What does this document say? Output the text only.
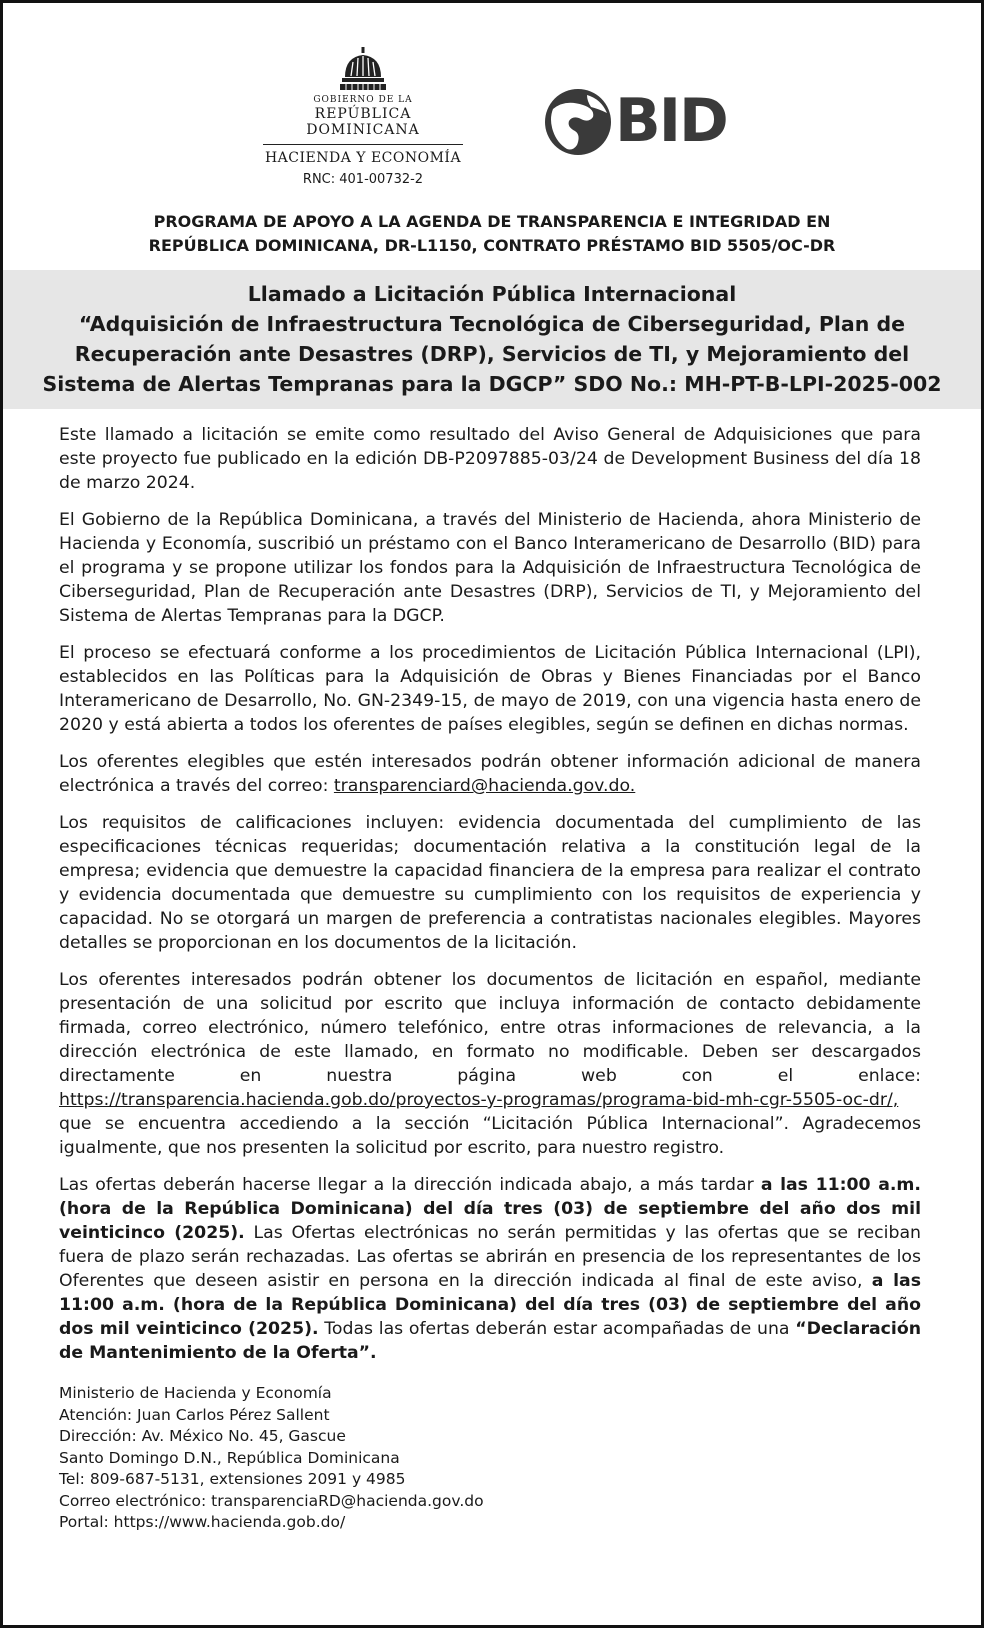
GOBIERNO DE LA
REPÚBLICA DOMINICANA
HACIENDA Y ECONOMÍA
RNC: 401-00732-2
BID
PROGRAMA DE APOYO A LA AGENDA DE TRANSPARENCIA E INTEGRIDAD EN
REPÚBLICA DOMINICANA, DR-L1150, CONTRATO PRÉSTAMO BID 5505/OC-DR
Llamado a Licitación Pública Internacional
“Adquisición de Infraestructura Tecnológica de Ciberseguridad, Plan de
Recuperación ante Desastres (DRP), Servicios de TI, y Mejoramiento del
Sistema de Alertas Tempranas para la DGCP” SDO No.: MH-PT-B-LPI-2025-002

Este llamado a licitación se emite como resultado del Aviso General de Adquisiciones que para este proyecto fue publicado en la edición DB-P2097885-03/24 de Development Business del día 18 de marzo 2024.

El Gobierno de la República Dominicana, a través del Ministerio de Hacienda, ahora Ministerio de Hacienda y Economía, suscribió un préstamo con el Banco Interamericano de Desarrollo (BID) para el programa y se propone utilizar los fondos para la Adquisición de Infraestructura Tecnológica de Ciberseguridad, Plan de Recuperación ante Desastres (DRP), Servicios de TI, y Mejoramiento del Sistema de Alertas Tempranas para la DGCP.

El proceso se efectuará conforme a los procedimientos de Licitación Pública Internacional (LPI), establecidos en las Políticas para la Adquisición de Obras y Bienes Financiadas por el Banco Interamericano de Desarrollo, No. GN-2349-15, de mayo de 2019, con una vigencia hasta enero de 2020 y está abierta a todos los oferentes de países elegibles, según se definen en dichas normas.

Los oferentes elegibles que estén interesados podrán obtener información adicional de manera electrónica a través del correo: transparenciard@hacienda.gov.do.

Los requisitos de calificaciones incluyen: evidencia documentada del cumplimiento de las especificaciones técnicas requeridas; documentación relativa a la constitución legal de la empresa; evidencia que demuestre la capacidad financiera de la empresa para realizar el contrato y evidencia documentada que demuestre su cumplimiento con los requisitos de experiencia y capacidad. No se otorgará un margen de preferencia a contratistas nacionales elegibles. Mayores detalles se proporcionan en los documentos de la licitación.

Los oferentes interesados podrán obtener los documentos de licitación en español, mediante presentación de una solicitud por escrito que incluya información de contacto debidamente firmada, correo electrónico, número telefónico, entre otras informaciones de relevancia, a la dirección electrónica de este llamado, en formato no modificable. Deben ser descargados directamente en nuestra página web con el enlace: https://transparencia.hacienda.gob.do/proyectos-y-programas/programa-bid-mh-cgr-5505-oc-dr/, que se encuentra accediendo a la sección “Licitación Pública Internacional”. Agradecemos igualmente, que nos presenten la solicitud por escrito, para nuestro registro.

Las ofertas deberán hacerse llegar a la dirección indicada abajo, a más tardar a las 11:00 a.m. (hora de la República Dominicana) del día tres (03) de septiembre del año dos mil veinticinco (2025). Las Ofertas electrónicas no serán permitidas y las ofertas que se reciban fuera de plazo serán rechazadas. Las ofertas se abrirán en presencia de los representantes de los Oferentes que deseen asistir en persona en la dirección indicada al final de este aviso, a las 11:00 a.m. (hora de la República Dominicana) del día tres (03) de septiembre del año dos mil veinticinco (2025). Todas las ofertas deberán estar acompañadas de una “Declaración de Mantenimiento de la Oferta”.

Ministerio de Hacienda y Economía
Atención: Juan Carlos Pérez Sallent
Dirección: Av. México No. 45, Gascue
Santo Domingo D.N., República Dominicana
Tel: 809-687-5131, extensiones 2091 y 4985
Correo electrónico: transparenciaRD@hacienda.gov.do
Portal: https://www.hacienda.gob.do/
